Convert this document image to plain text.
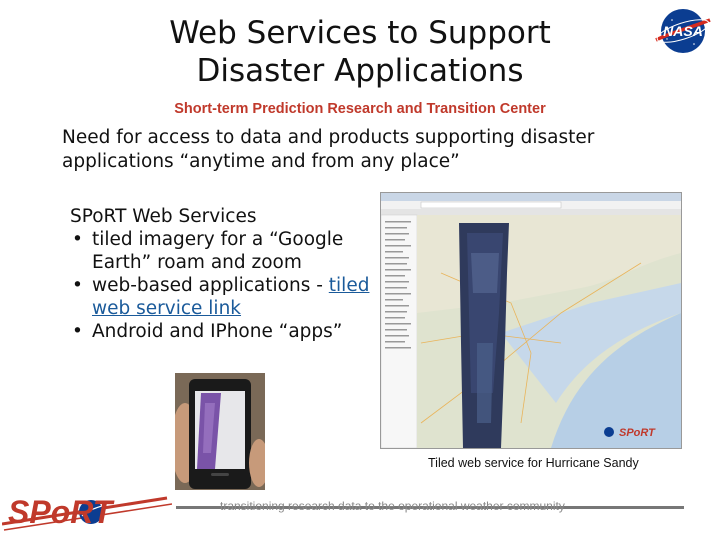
Web Services to Support
Disaster Applications
NASA
Short-term Prediction Research and Transition Center
Need for access to data and products supporting disaster
applications “anytime and from any place”
SPoRT Web Services
• tiled imagery for a “Google Earth” roam and zoom
• web-based applications - tiled web service link
• Android and IPhone “apps”
SPoRT
Tiled web service for Hurricane Sandy
SPoRT	transitioning research data to the operational weather community
